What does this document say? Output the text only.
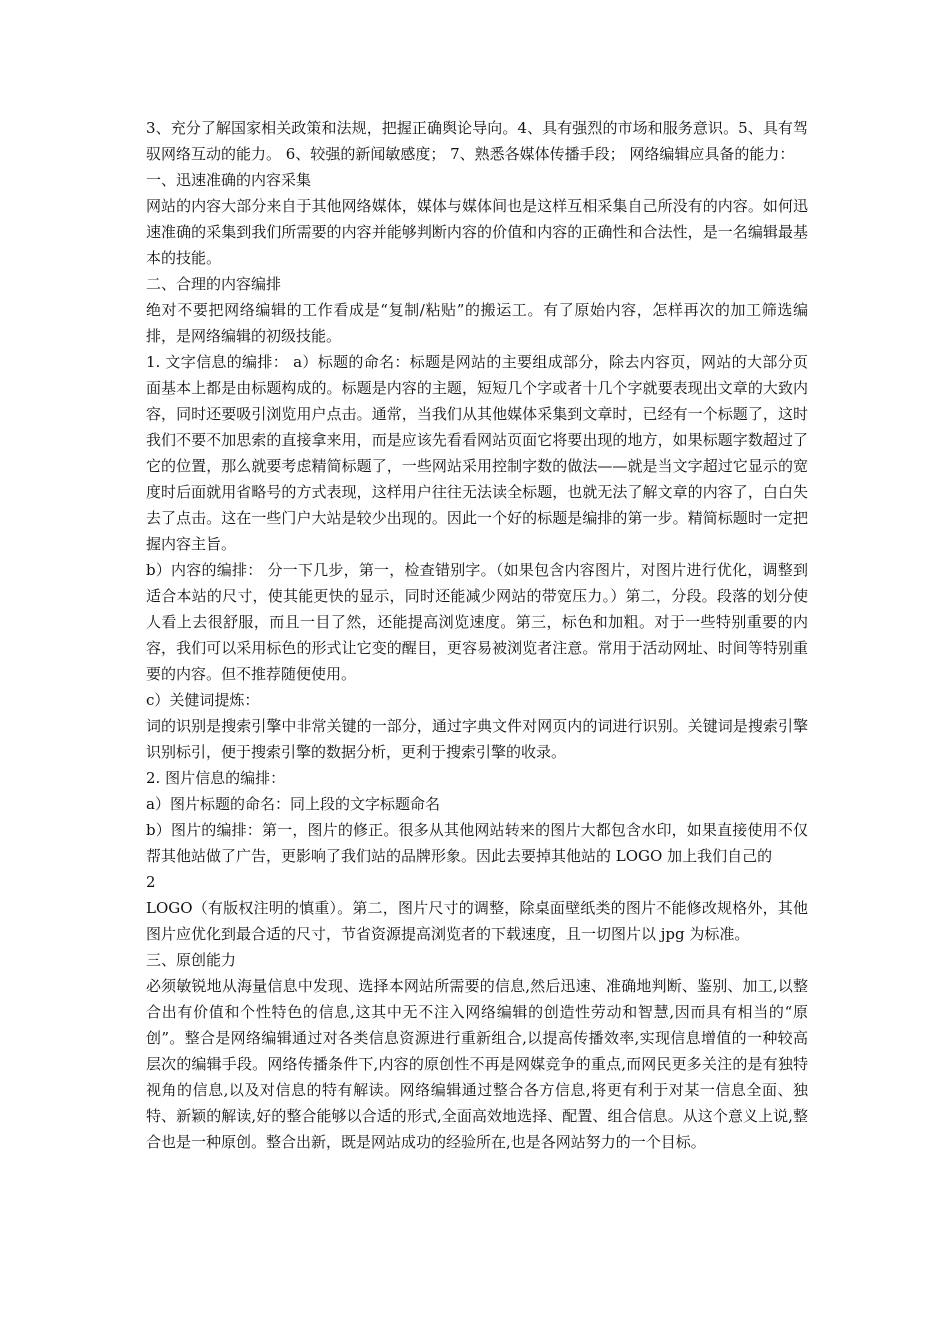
3、充分了解国家相关政策和法规，把握正确舆论导向。4、具有强烈的市场和服务意识。5、具有驾驭网络互动的能力。 6、较强的新闻敏感度； 7、熟悉各媒体传播手段； 网络编辑应具备的能力：

一、迅速准确的内容采集

网站的内容大部分来自于其他网络媒体，媒体与媒体间也是这样互相采集自己所没有的内容。如何迅速准确的采集到我们所需要的内容并能够判断内容的价值和内容的正确性和合法性，是一名编辑最基本的技能。

二、合理的内容编排

绝对不要把网络编辑的工作看成是“复制/粘贴”的搬运工。有了原始内容，怎样再次的加工筛选编排，是网络编辑的初级技能。

1. 文字信息的编排： a）标题的命名：标题是网站的主要组成部分，除去内容页，网站的大部分页面基本上都是由标题构成的。标题是内容的主题，短短几个字或者十几个字就要表现出文章的大致内容，同时还要吸引浏览用户点击。通常，当我们从其他媒体采集到文章时，已经有一个标题了，这时我们不要不加思索的直接拿来用，而是应该先看看网站页面它将要出现的地方，如果标题字数超过了它的位置，那么就要考虑精简标题了，一些网站采用控制字数的做法——就是当文字超过它显示的宽度时后面就用省略号的方式表现，这样用户往往无法读全标题，也就无法了解文章的内容了，白白失去了点击。这在一些门户大站是较少出现的。因此一个好的标题是编排的第一步。精简标题时一定把握内容主旨。

b）内容的编排： 分一下几步，第一，检查错别字。（如果包含内容图片，对图片进行优化，调整到适合本站的尺寸，使其能更快的显示，同时还能减少网站的带宽压力。）第二，分段。段落的划分使人看上去很舒服，而且一目了然，还能提高浏览速度。第三，标色和加粗。对于一些特别重要的内容，我们可以采用标色的形式让它变的醒目，更容易被浏览者注意。常用于活动网址、时间等特别重要的内容。但不推荐随便使用。

c）关健词提炼：

词的识别是搜索引擎中非常关键的一部分，通过字典文件对网页内的词进行识别。关键词是搜索引擎识别标引，便于搜索引擎的数据分析，更利于搜索引擎的收录。

2. 图片信息的编排：

a）图片标题的命名：同上段的文字标题命名

b）图片的编排：第一，图片的修正。很多从其他网站转来的图片大都包含水印，如果直接使用不仅帮其他站做了广告，更影响了我们站的品牌形象。因此去要掉其他站的 LOGO 加上我们自己的

2

LOGO（有版权注明的慎重）。第二，图片尺寸的调整，除桌面壁纸类的图片不能修改规格外，其他图片应优化到最合适的尺寸，节省资源提高浏览者的下载速度，且一切图片以 jpg 为标准。

三、原创能力

必须敏锐地从海量信息中发现、选择本网站所需要的信息,然后迅速、准确地判断、鉴别、加工,以整合出有价值和个性特色的信息,这其中无不注入网络编辑的创造性劳动和智慧,因而具有相当的“原创”。整合是网络编辑通过对各类信息资源进行重新组合,以提高传播效率,实现信息增值的一种较高层次的编辑手段。网络传播条件下,内容的原创性不再是网媒竞争的重点,而网民更多关注的是有独特视角的信息,以及对信息的特有解读。网络编辑通过整合各方信息,将更有利于对某一信息全面、独特、新颖的解读,好的整合能够以合适的形式,全面高效地选择、配置、组合信息。从这个意义上说,整合也是一种原创。整合出新，既是网站成功的经验所在,也是各网站努力的一个目标。
